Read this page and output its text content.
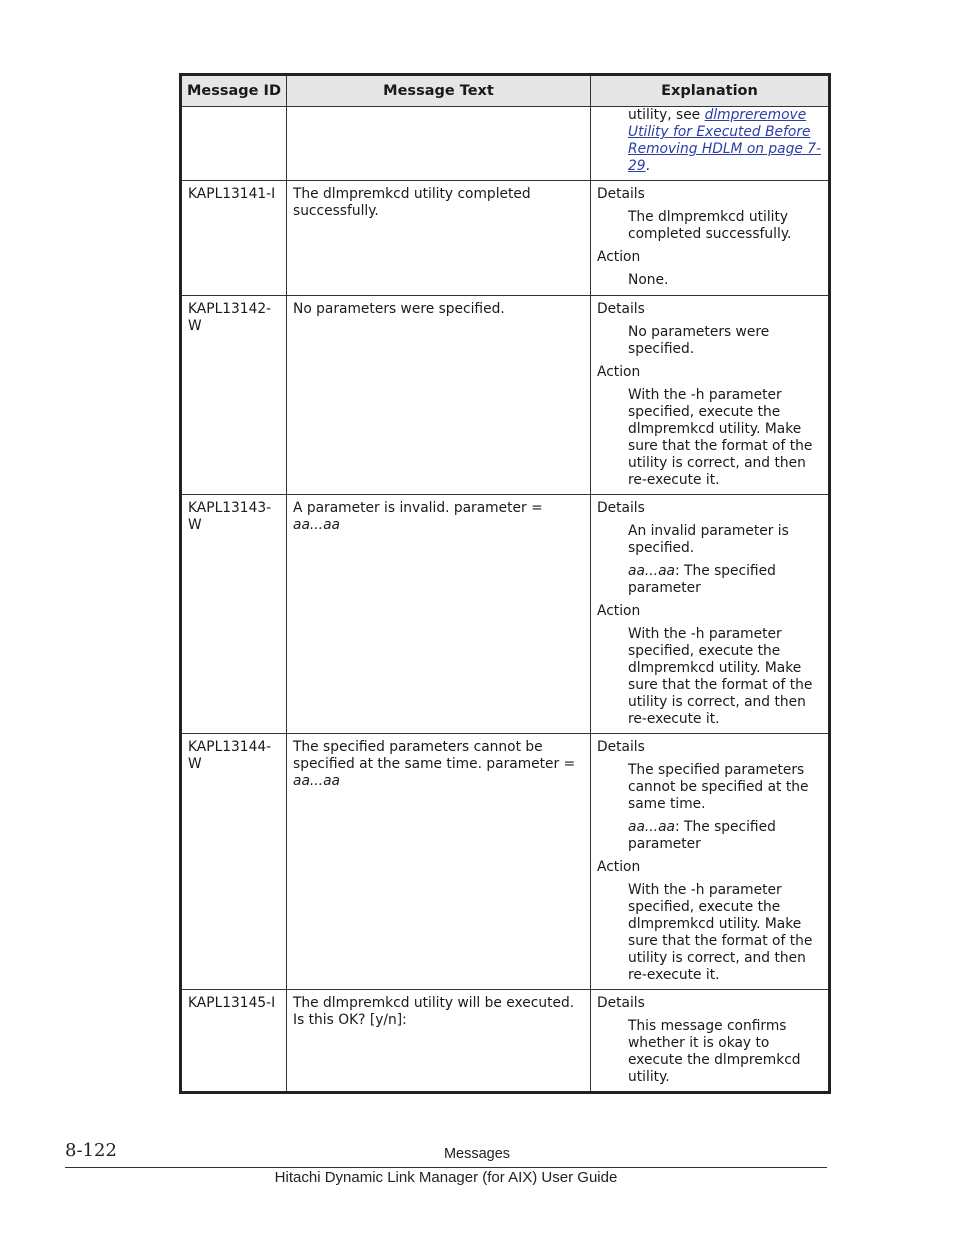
Message ID	Message Text	Explanation

		utility, see dlmpreremove Utility for Executed Before Removing HDLM on page 7-29.

KAPL13141-I	The dlmpremkcd utility completed successfully.	Details
The dlmpremkcd utility completed successfully.
Action
None.

KAPL13142-W	No parameters were specified.	Details
No parameters were specified.
Action
With the -h parameter specified, execute the dlmpremkcd utility. Make sure that the format of the utility is correct, and then re-execute it.

KAPL13143-W	A parameter is invalid. parameter = aa...aa	Details
An invalid parameter is specified.
aa...aa: The specified parameter
Action
With the -h parameter specified, execute the dlmpremkcd utility. Make sure that the format of the utility is correct, and then re-execute it.

KAPL13144-W	The specified parameters cannot be specified at the same time. parameter = aa...aa	Details
The specified parameters cannot be specified at the same time.
aa...aa: The specified parameter
Action
With the -h parameter specified, execute the dlmpremkcd utility. Make sure that the format of the utility is correct, and then re-execute it.

KAPL13145-I	The dlmpremkcd utility will be executed. Is this OK? [y/n]:	Details
This message confirms whether it is okay to execute the dlmpremkcd utility.
8-122	Messages
Hitachi Dynamic Link Manager (for AIX) User Guide
